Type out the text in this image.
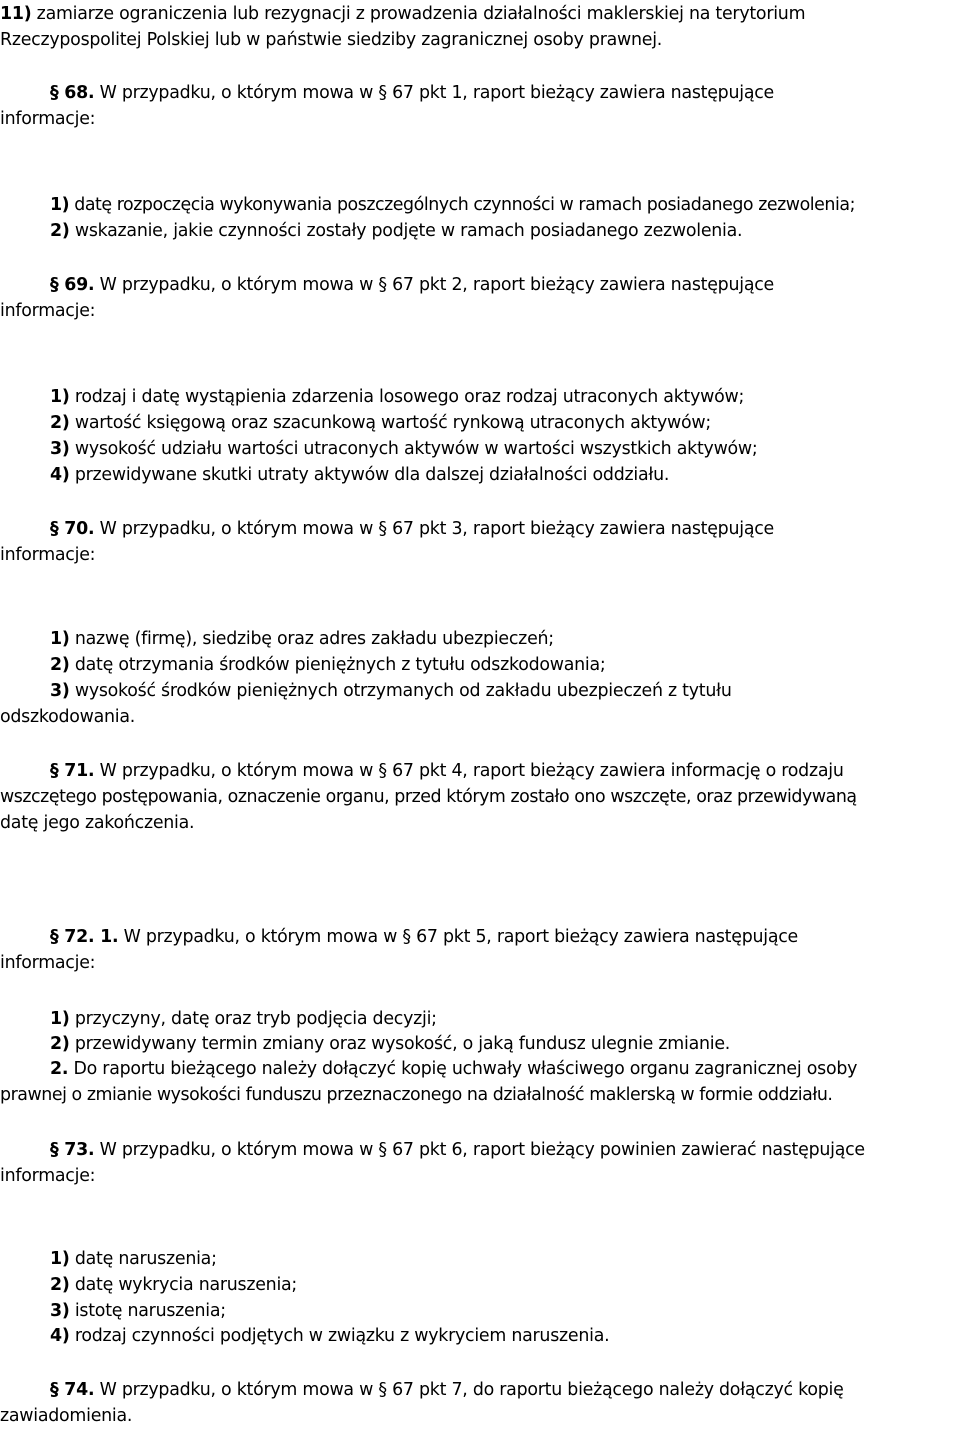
11) zamiarze ograniczenia lub rezygnacji z prowadzenia działalności maklerskiej na terytorium
Rzeczypospolitej Polskiej lub w państwie siedziby zagranicznej osoby prawnej.
§ 68. W przypadku, o którym mowa w § 67 pkt 1, raport bieżący zawiera następujące
informacje:
1) datę rozpoczęcia wykonywania poszczególnych czynności w ramach posiadanego zezwolenia;
2) wskazanie, jakie czynności zostały podjęte w ramach posiadanego zezwolenia.
§ 69. W przypadku, o którym mowa w § 67 pkt 2, raport bieżący zawiera następujące
informacje:
1) rodzaj i datę wystąpienia zdarzenia losowego oraz rodzaj utraconych aktywów;
2) wartość księgową oraz szacunkową wartość rynkową utraconych aktywów;
3) wysokość udziału wartości utraconych aktywów w wartości wszystkich aktywów;
4) przewidywane skutki utraty aktywów dla dalszej działalności oddziału.
§ 70. W przypadku, o którym mowa w § 67 pkt 3, raport bieżący zawiera następujące
informacje:
1) nazwę (firmę), siedzibę oraz adres zakładu ubezpieczeń;
2) datę otrzymania środków pieniężnych z tytułu odszkodowania;
3) wysokość środków pieniężnych otrzymanych od zakładu ubezpieczeń z tytułu
odszkodowania.
§ 71. W przypadku, o którym mowa w § 67 pkt 4, raport bieżący zawiera informację o rodzaju
wszczętego postępowania, oznaczenie organu, przed którym zostało ono wszczęte, oraz przewidywaną
datę jego zakończenia.
§ 72. 1. W przypadku, o którym mowa w § 67 pkt 5, raport bieżący zawiera następujące
informacje:
1) przyczyny, datę oraz tryb podjęcia decyzji;
2) przewidywany termin zmiany oraz wysokość, o jaką fundusz ulegnie zmianie.
2. Do raportu bieżącego należy dołączyć kopię uchwały właściwego organu zagranicznej osoby
prawnej o zmianie wysokości funduszu przeznaczonego na działalność maklerską w formie oddziału.
§ 73. W przypadku, o którym mowa w § 67 pkt 6, raport bieżący powinien zawierać następujące
informacje:
1) datę naruszenia;
2) datę wykrycia naruszenia;
3) istotę naruszenia;
4) rodzaj czynności podjętych w związku z wykryciem naruszenia.
§ 74. W przypadku, o którym mowa w § 67 pkt 7, do raportu bieżącego należy dołączyć kopię
zawiadomienia.
